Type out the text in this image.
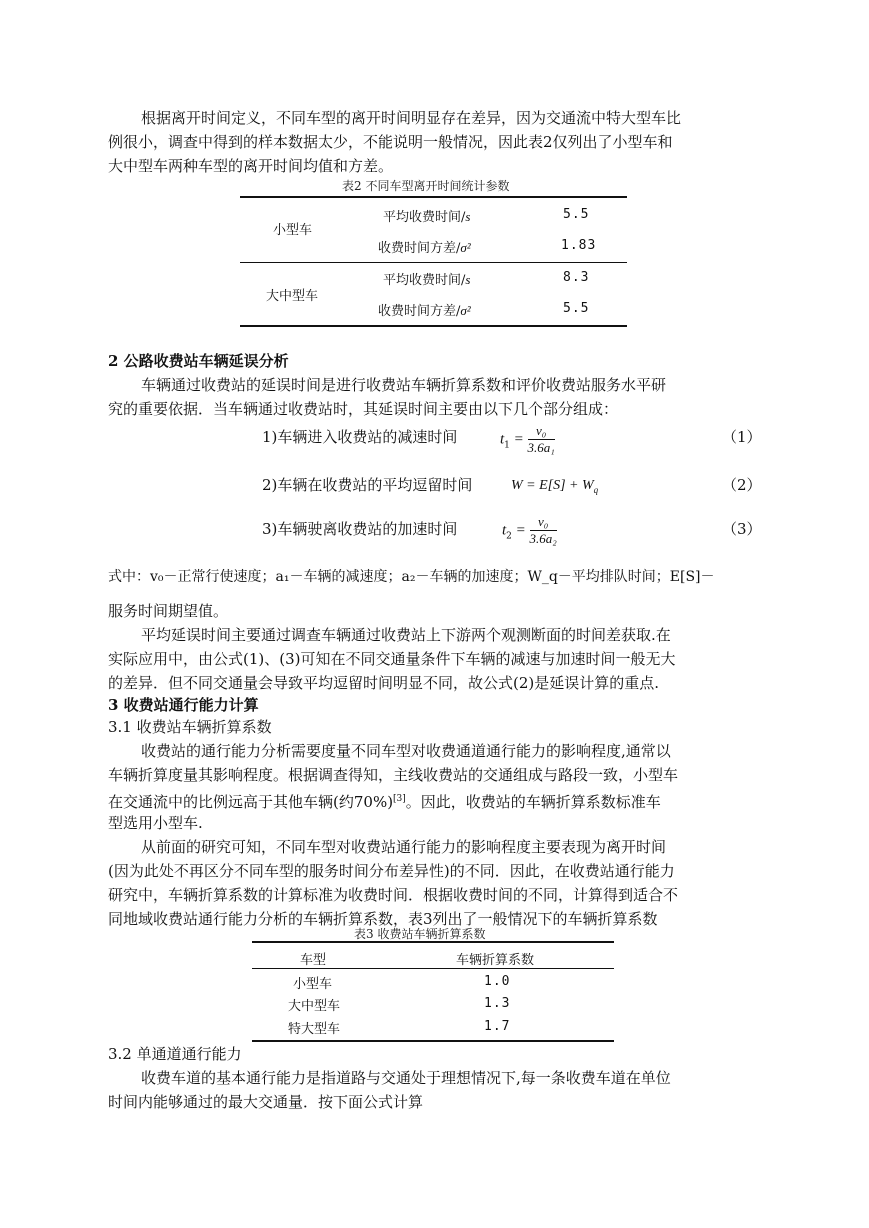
根据离开时间定义，不同车型的离开时间明显存在差异，因为交通流中特大型车比
例很小，调查中得到的样本数据太少，不能说明一般情况，因此表2仅列出了小型车和
大中型车两种车型的离开时间均值和方差。
表2 不同车型离开时间统计参数
小型车
平均收费时间/s	5.5
收费时间方差/σ²	1.83
大中型车
平均收费时间/s	8.3
收费时间方差/σ²	5.5
2 公路收费站车辆延误分析
车辆通过收费站的延误时间是进行收费站车辆折算系数和评价收费站服务水平研
究的重要依据．当车辆通过收费站时，其延误时间主要由以下几个部分组成：
1)车辆进入收费站的减速时间	$t_1 = \frac{\text{v₀}}{\text{3.6a₁}}$	（1）
2)车辆在收费站的平均逗留时间	$W = E[S] + W_q$	（2）
3)车辆驶离收费站的加速时间	$t_2 = \frac{\text{v₀}}{\text{3.6a₂}}$	（3）
式中：v₀－正常行使速度；a₁－车辆的减速度；a₂－车辆的加速度；W_q－平均排队时间；E[S]－
服务时间期望值。
平均延误时间主要通过调查车辆通过收费站上下游两个观测断面的时间差获取.在
实际应用中，由公式(1)、(3)可知在不同交通量条件下车辆的减速与加速时间一般无大
的差异．但不同交通量会导致平均逗留时间明显不同，故公式(2)是延误计算的重点.
3 收费站通行能力计算
3.1 收费站车辆折算系数
收费站的通行能力分析需要度量不同车型对收费通道通行能力的影响程度,通常以
车辆折算度量其影响程度。根据调查得知，主线收费站的交通组成与路段一致，小型车
在交通流中的比例远高于其他车辆(约70%)[3]。因此，收费站的车辆折算系数标准车
型选用小型车.
从前面的研究可知，不同车型对收费站通行能力的影响程度主要表现为离开时间
(因为此处不再区分不同车型的服务时间分布差异性)的不同．因此，在收费站通行能力
研究中，车辆折算系数的计算标准为收费时间．根据收费时间的不同，计算得到适合不
同地域收费站通行能力分析的车辆折算系数，表3列出了一般情况下的车辆折算系数
表3 收费站车辆折算系数
车型	车辆折算系数
小型车	1.0
大中型车	1.3
特大型车	1.7
3.2 单通道通行能力
收费车道的基本通行能力是指道路与交通处于理想情况下,每一条收费车道在单位
时间内能够通过的最大交通量．按下面公式计算
